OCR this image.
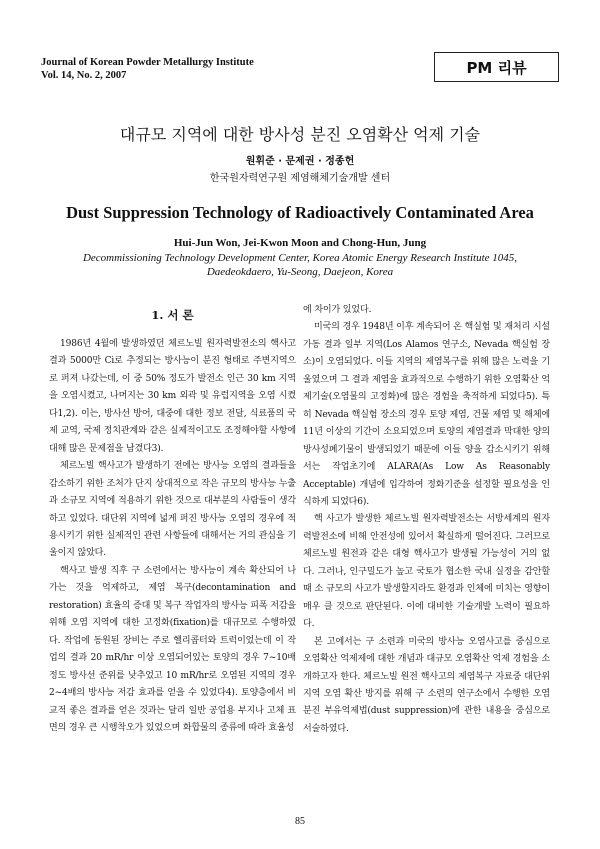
Journal of Korean Powder Metallurgy Institute
Vol. 14, No. 2, 2007	PM 리뷰
대규모 지역에 대한 방사성 분진 오염확산 억제 기술
원휘준 · 문제권 · 정종헌
한국원자력연구원 제염해체기술개발 센터
Dust Suppression Technology of Radioactively Contaminated Area
Hui-Jun Won, Jei-Kwon Moon and Chong-Hun, Jung
Decommissioning Technology Development Center, Korea Atomic Energy Research Institute 1045,
Daedeokdaero, Yu-Seong, Daejeon, Korea
1. 서 론

1986년 4월에 발생하였던 체르노빌 원자력발전소의 핵사고 결과 5000만 Ci로 추정되는 방사능이 분진 형태로 주변지역으로 퍼져 나갔는데, 이 중 50% 정도가 발전소 인근 30 km 지역을 오염시켰고, 나머지는 30 km 외곽 및 유럽지역을 오염 시켰다1,2). 이는, 방사선 방어, 대중에 대한 정보 전달, 식료품의 국제 교역, 국제 정치관계와 같은 실제적이고도 조정해야할 사항에 대해 많은 문제점을 남겼다3).

체르노빌 핵사고가 발생하기 전에는 방사능 오염의 결과들을 감소하기 위한 조처가 단지 상대적으로 작은 규모의 방사능 누출과 소규모 지역에 적용하기 위한 것으로 대부분의 사람들이 생각하고 있었다. 대단위 지역에 넓게 퍼진 방사능 오염의 경우에 적용시키기 위한 실제적인 관련 사항들에 대해서는 거의 관심을 기울이지 않았다.

핵사고 발생 직후 구 소련에서는 방사능이 계속 확산되어 나가는 것을 억제하고, 제염 복구(decontamination and restoration) 효율의 증대 및 복구 작업자의 방사능 피폭 저감을 위해 오염 지역에 대한 고정화(fixation)를 대규모로 수행하였다. 작업에 동원된 장비는 주로 헬리콥터와 트럭이었는데 이 작업의 결과 20 mR/hr 이상 오염되어있는 토양의 경우 7~10배 정도 방사선 준위를 낮추었고 10 mR/hr로 오염된 지역의 경우 2~4배의 방사능 저감 효과를 얻을 수 있었다4). 토양층에서 비교적 좋은 결과를 얻은 것과는 달리 일반 공업용 부지나 고체 표면의 경우 큰 시행착오가 있었으며 화합물의 종류에 따라 효율성

에 차이가 있었다.

미국의 경우 1948년 이후 계속되어 온 핵실험 및 재처리 시설 가동 결과 일부 지역(Los Alamos 연구소, Nevada 핵실험 장소)이 오염되었다. 이들 지역의 제염복구를 위해 많은 노력을 기울였으며 그 결과 제염을 효과적으로 수행하기 위한 오염확산 억제기술(오염물의 고정화)에 많은 경험을 축적하게 되었다5). 특히 Nevada 핵실험 장소의 경우 토양 제염, 건물 제염 및 해체에 11년 이상의 기간이 소요되었으며 토양의 제염결과 막대한 양의 방사성폐기물이 발생되었기 때문에 이들 양을 감소시키기 위해서는 작업초기에 ALARA(As Low As Reasonably Acceptable) 개념에 입각하여 정화기준을 설정할 필요성을 인식하게 되었다6).

핵 사고가 발생한 체르노빌 원자력발전소는 서방세계의 원자력발전소에 비해 안전성에 있어서 확실하게 떨어진다. 그러므로 체르노빌 원전과 같은 대형 핵사고가 발생될 가능성이 거의 없다. 그러나, 인구밀도가 높고 국토가 협소한 국내 실정을 감안할 때 소 규모의 사고가 발생할지라도 환경과 인체에 미치는 영향이 매우 클 것으로 판단된다. 이에 대비한 기술개발 노력이 필요하다.

본 고에서는 구 소련과 미국의 방사능 오염사고를 중심으로 오염확산 억제제에 대한 개념과 대규모 오염확산 억제 경험을 소개하고자 한다. 체르노빌 원전 핵사고의 제염복구 자료중 대단위 지역 오염 확산 방지를 위해 구 소련의 연구소에서 수행한 오염분진 부유억제법(dust suppression)에 관한 내용을 중심으로 서술하였다.

85
